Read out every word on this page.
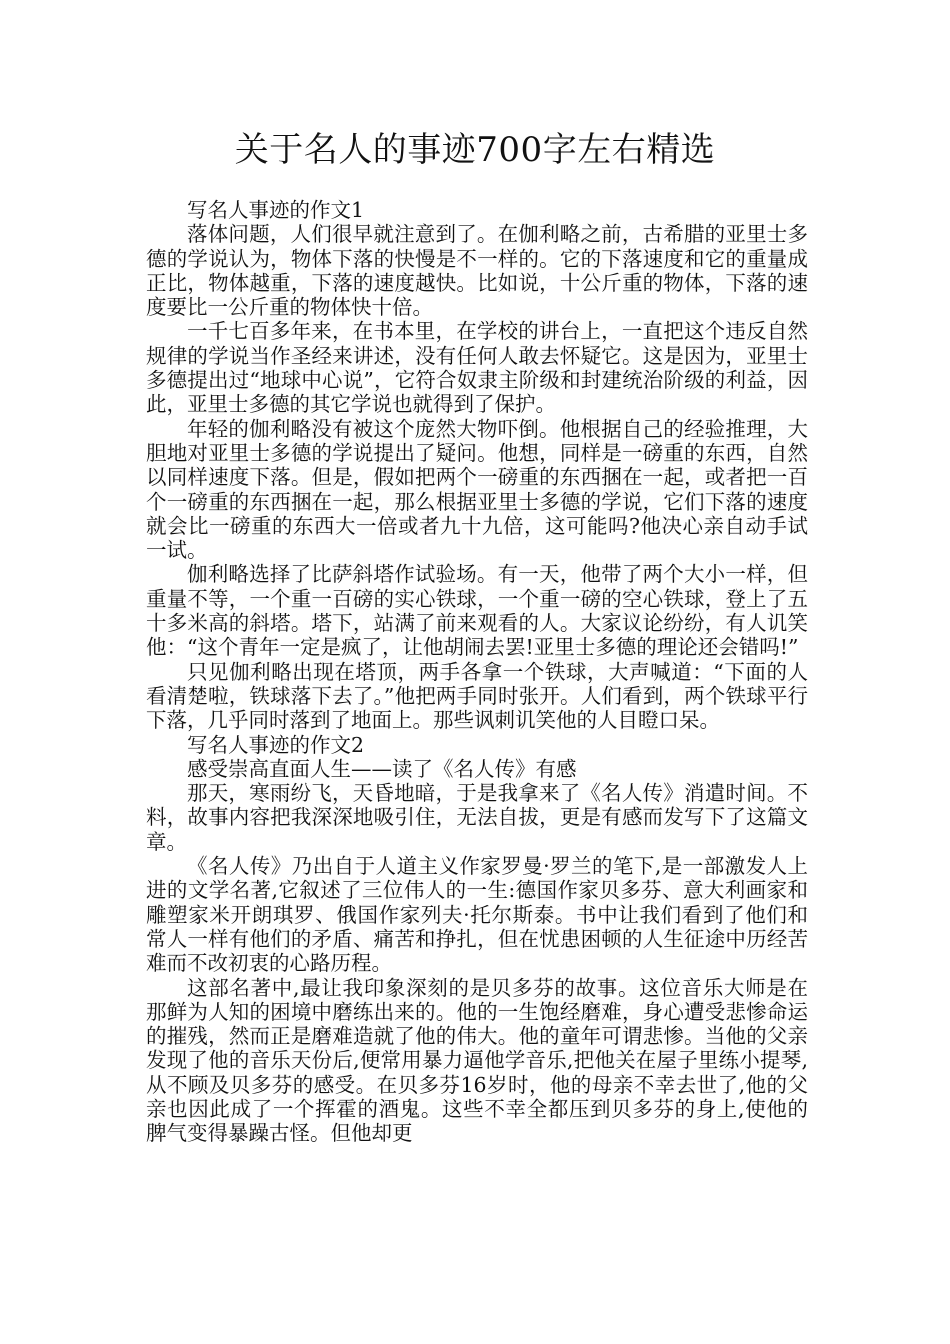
关于名人的事迹700字左右精选

写名人事迹的作文1

落体问题，人们很早就注意到了。在伽利略之前，古希腊的亚里士多德的学说认为，物体下落的快慢是不一样的。它的下落速度和它的重量成正比，物体越重，下落的速度越快。比如说，十公斤重的物体，下落的速度要比一公斤重的物体快十倍。

一千七百多年来，在书本里，在学校的讲台上，一直把这个违反自然规律的学说当作圣经来讲述，没有任何人敢去怀疑它。这是因为，亚里士多德提出过“地球中心说”，它符合奴隶主阶级和封建统治阶级的利益，因此，亚里士多德的其它学说也就得到了保护。

年轻的伽利略没有被这个庞然大物吓倒。他根据自己的经验推理，大胆地对亚里士多德的学说提出了疑问。他想，同样是一磅重的东西，自然以同样速度下落。但是，假如把两个一磅重的东西捆在一起，或者把一百个一磅重的东西捆在一起，那么根据亚里士多德的学说，它们下落的速度就会比一磅重的东西大一倍或者九十九倍，这可能吗?他决心亲自动手试一试。

伽利略选择了比萨斜塔作试验场。有一天，他带了两个大小一样，但重量不等，一个重一百磅的实心铁球，一个重一磅的空心铁球，登上了五十多米高的斜塔。塔下，站满了前来观看的人。大家议论纷纷，有人讥笑他：“这个青年一定是疯了，让他胡闹去罢!亚里士多德的理论还会错吗!”

只见伽利略出现在塔顶，两手各拿一个铁球，大声喊道：“下面的人看清楚啦，铁球落下去了。”他把两手同时张开。人们看到，两个铁球平行下落，几乎同时落到了地面上。那些讽刺讥笑他的人目瞪口呆。

写名人事迹的作文2

感受崇高直面人生——读了《名人传》有感

那天，寒雨纷飞，天昏地暗，于是我拿来了《名人传》消遣时间。不料，故事内容把我深深地吸引住，无法自拔，更是有感而发写下了这篇文章。

《名人传》乃出自于人道主义作家罗曼·罗兰的笔下,是一部激发人上进的文学名著,它叙述了三位伟人的一生:德国作家贝多芬、意大利画家和雕塑家米开朗琪罗、俄国作家列夫·托尔斯泰。书中让我们看到了他们和常人一样有他们的矛盾、痛苦和挣扎，但在忧患困顿的人生征途中历经苦难而不改初衷的心路历程。

这部名著中,最让我印象深刻的是贝多芬的故事。这位音乐大师是在那鲜为人知的困境中磨练出来的。他的一生饱经磨难，身心遭受悲惨命运的摧残，然而正是磨难造就了他的伟大。他的童年可谓悲惨。当他的父亲发现了他的音乐天份后,便常用暴力逼他学音乐,把他关在屋子里练小提琴,从不顾及贝多芬的感受。在贝多芬16岁时，他的母亲不幸去世了,他的父亲也因此成了一个挥霍的酒鬼。这些不幸全都压到贝多芬的身上,使他的脾气变得暴躁古怪。但他却更
